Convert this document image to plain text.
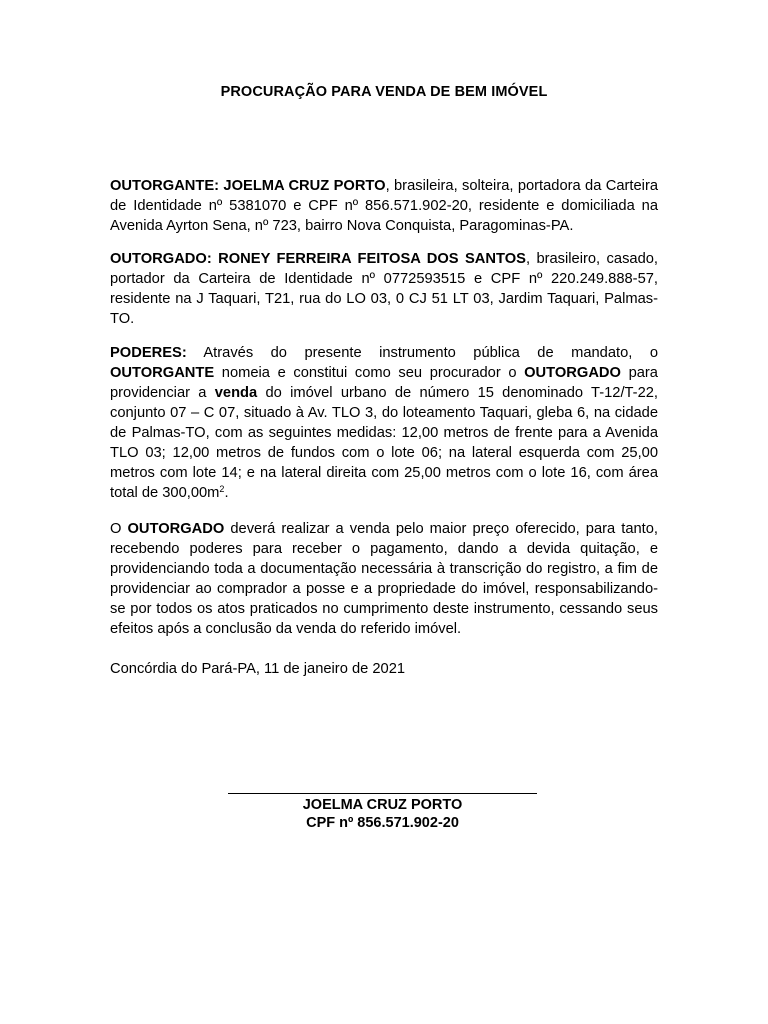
PROCURAÇÃO PARA VENDA DE BEM IMÓVEL

OUTORGANTE: JOELMA CRUZ PORTO, brasileira, solteira, portadora da Carteira de Identidade nº 5381070 e CPF nº 856.571.902-20, residente e domiciliada na Avenida Ayrton Sena, nº 723, bairro Nova Conquista, Paragominas-PA.

OUTORGADO: RONEY FERREIRA FEITOSA DOS SANTOS, brasileiro, casado, portador da Carteira de Identidade nº 0772593515 e CPF nº 220.249.888-57, residente na J Taquari, T21, rua do LO 03, 0 CJ 51 LT 03, Jardim Taquari, Palmas-TO.

PODERES: Através do presente instrumento pública de mandato, o OUTORGANTE nomeia e constitui como seu procurador o OUTORGADO para providenciar a venda do imóvel urbano de número 15 denominado T-12/T-22, conjunto 07 – C 07, situado à Av. TLO 3, do loteamento Taquari, gleba 6, na cidade de Palmas-TO, com as seguintes medidas: 12,00 metros de frente para a Avenida TLO 03; 12,00 metros de fundos com o lote 06; na lateral esquerda com 25,00 metros com lote 14; e na lateral direita com 25,00 metros com o lote 16, com área total de $300,00m^2$.

O OUTORGADO deverá realizar a venda pelo maior preço oferecido, para tanto, recebendo poderes para receber o pagamento, dando a devida quitação, e providenciando toda a documentação necessária à transcrição do registro, a fim de providenciar ao comprador a posse e a propriedade do imóvel, responsabilizando-se por todos os atos praticados no cumprimento deste instrumento, cessando seus efeitos após a conclusão da venda do referido imóvel.

Concórdia do Pará-PA, 11 de janeiro de 2021

JOELMA CRUZ PORTO
CPF nº 856.571.902-20
